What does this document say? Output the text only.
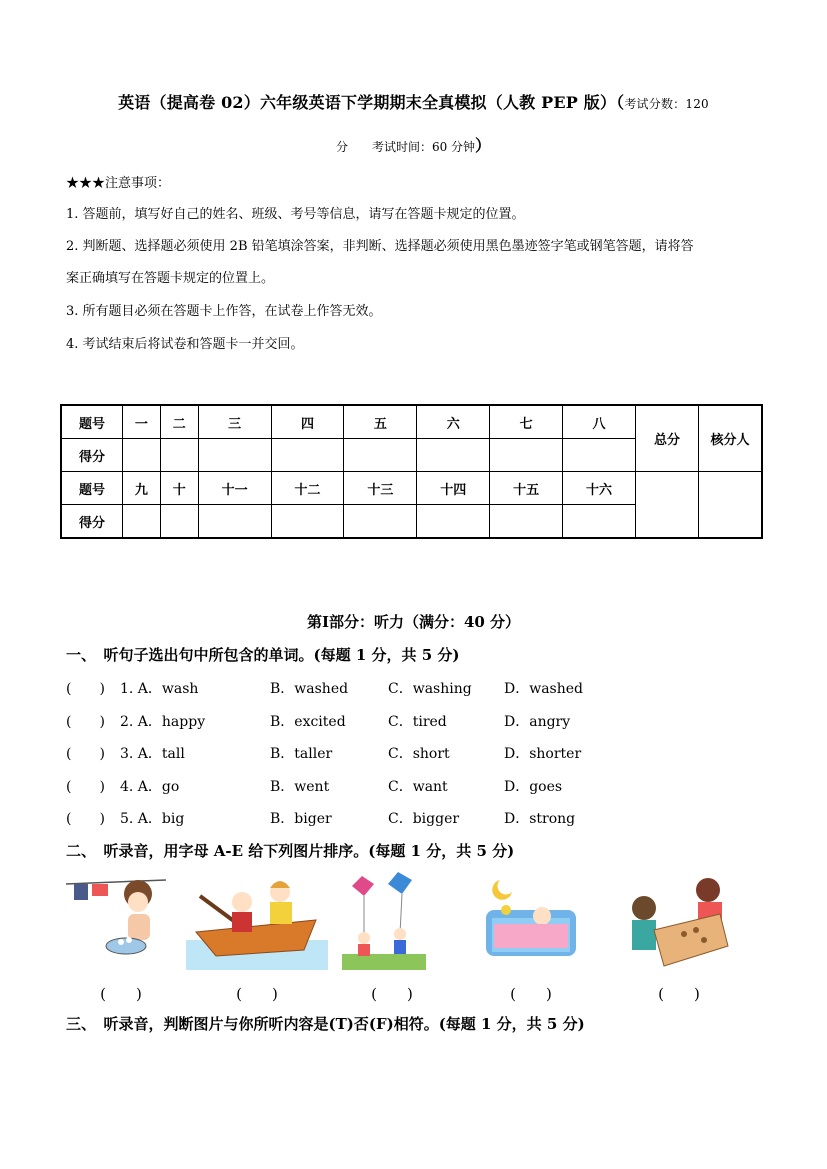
英语（提高卷 02）六年级英语下学期期末全真模拟（人教 PEP 版）（考试分数：120
分　　考试时间：60 分钟）
★★★注意事项：
1. 答题前，填写好自己的姓名、班级、考号等信息，请写在答题卡规定的位置。
2. 判断题、选择题必须使用 2B 铅笔填涂答案，非判断、选择题必须使用黑色墨迹签字笔或钢笔答题，请将答
案正确填写在答题卡规定的位置上。
3. 所有题目必须在答题卡上作答，在试卷上作答无效。
4. 考试结束后将试卷和答题卡一并交回。
题号	一	二	三	四	五	六	七	八	总分	核分人
得分										
题号	九	十	十一	十二	十三	十四	十五	十六		
得分										
第Ⅰ部分：听力（满分：40 分）
一、　听句子选出句中所包含的单词。(每题 1 分，共 5 分)
(　　) 1. A．wash	B．washed	C．washing D．washed
(　　) 2. A．happy	B．excited	C．tired	D．angry
(　　) 3. A．tall	B．taller	C．short	D．shorter
(　　) 4. A．go	B．went	C．want	D．goes
(　　) 5. A．big	B．biger	C．bigger	D．strong
二、　听录音，用字母 A-E 给下列图片排序。(每题 1 分，共 5 分)
(　　)	(　　)	(　　)	(　　)	(　　)
三、　听录音，判断图片与你所听内容是(T)否(F)相符。(每题 1 分，共 5 分)
